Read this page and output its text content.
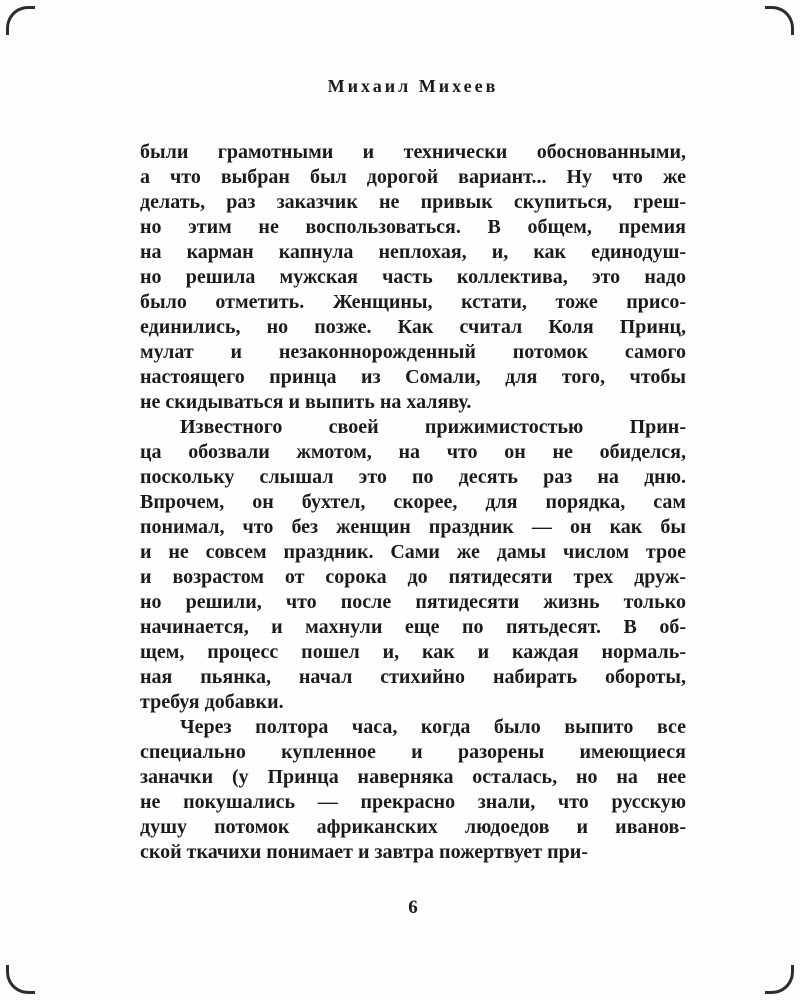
Михаил Михеев

были грамотными и технически обоснованными,
а что выбран был дорогой вариант... Ну что же
делать, раз заказчик не привык скупиться, греш-
но этим не воспользоваться. В общем, премия
на карман капнула неплохая, и, как единодуш-
но решила мужская часть коллектива, это надо
было отметить. Женщины, кстати, тоже присо-
единились, но позже. Как считал Коля Принц,
мулат и незаконнорожденный потомок самого
настоящего принца из Сомали, для того, чтобы
не скидываться и выпить на халяву.

Известного своей прижимистостью Прин-
ца обозвали жмотом, на что он не обиделся,
поскольку слышал это по десять раз на дню.
Впрочем, он бухтел, скорее, для порядка, сам
понимал, что без женщин праздник — он как бы
и не совсем праздник. Сами же дамы числом трое
и возрастом от сорока до пятидесяти трех друж-
но решили, что после пятидесяти жизнь только
начинается, и махнули еще по пятьдесят. В об-
щем, процесс пошел и, как и каждая нормаль-
ная пьянка, начал стихийно набирать обороты,
требуя добавки.

Через полтора часа, когда было выпито все
специально купленное и разорены имеющиеся
заначки (у Принца наверняка осталась, но на нее
не покушались — прекрасно знали, что русскую
душу потомок африканских людоедов и иванов-
ской ткачихи понимает и завтра пожертвует при-

6
